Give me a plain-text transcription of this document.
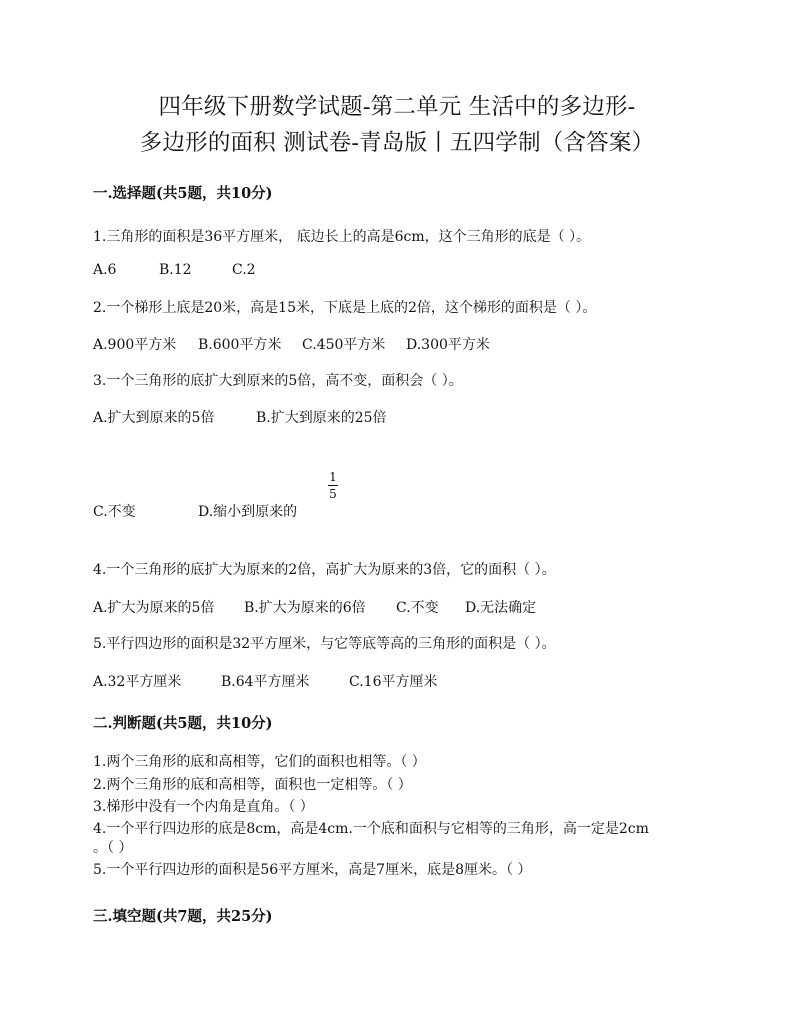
四年级下册数学试题-第二单元 生活中的多边形-
多边形的面积 测试卷-青岛版丨五四学制（含答案）
一.选择题(共5题，共10分)
1.三角形的面积是36平方厘米， 底边长上的高是6cm，这个三角形的底是（ ）。
A.6	B.12	C.2
2.一个梯形上底是20米，高是15米，下底是上底的2倍，这个梯形的面积是（ ）。
A.900平方米 B.600平方米 C.450平方米 D.300平方米
3.一个三角形的底扩大到原来的5倍，高不变，面积会（ ）。
A.扩大到原来的5倍	B.扩大到原来的25倍
C.不变	D.缩小到原来的
1
5
4.一个三角形的底扩大为原来的2倍，高扩大为原来的3倍，它的面积（ ）。
A.扩大为原来的5倍 B.扩大为原来的6倍 C.不变 D.无法确定
5.平行四边形的面积是32平方厘米，与它等底等高的三角形的面积是（ ）。
A.32平方厘米	B.64平方厘米	C.16平方厘米
二.判断题(共5题，共10分)
1.两个三角形的底和高相等，它们的面积也相等。（ ）
2.两个三角形的底和高相等，面积也一定相等。（ ）
3.梯形中没有一个内角是直角。（ ）
4.一个平行四边形的底是8cm，高是4cm.一个底和面积与它相等的三角形，高一定是2cm
。（ ）
5.一个平行四边形的面积是56平方厘米，高是7厘米，底是8厘米。（ ）
三.填空题(共7题，共25分)
